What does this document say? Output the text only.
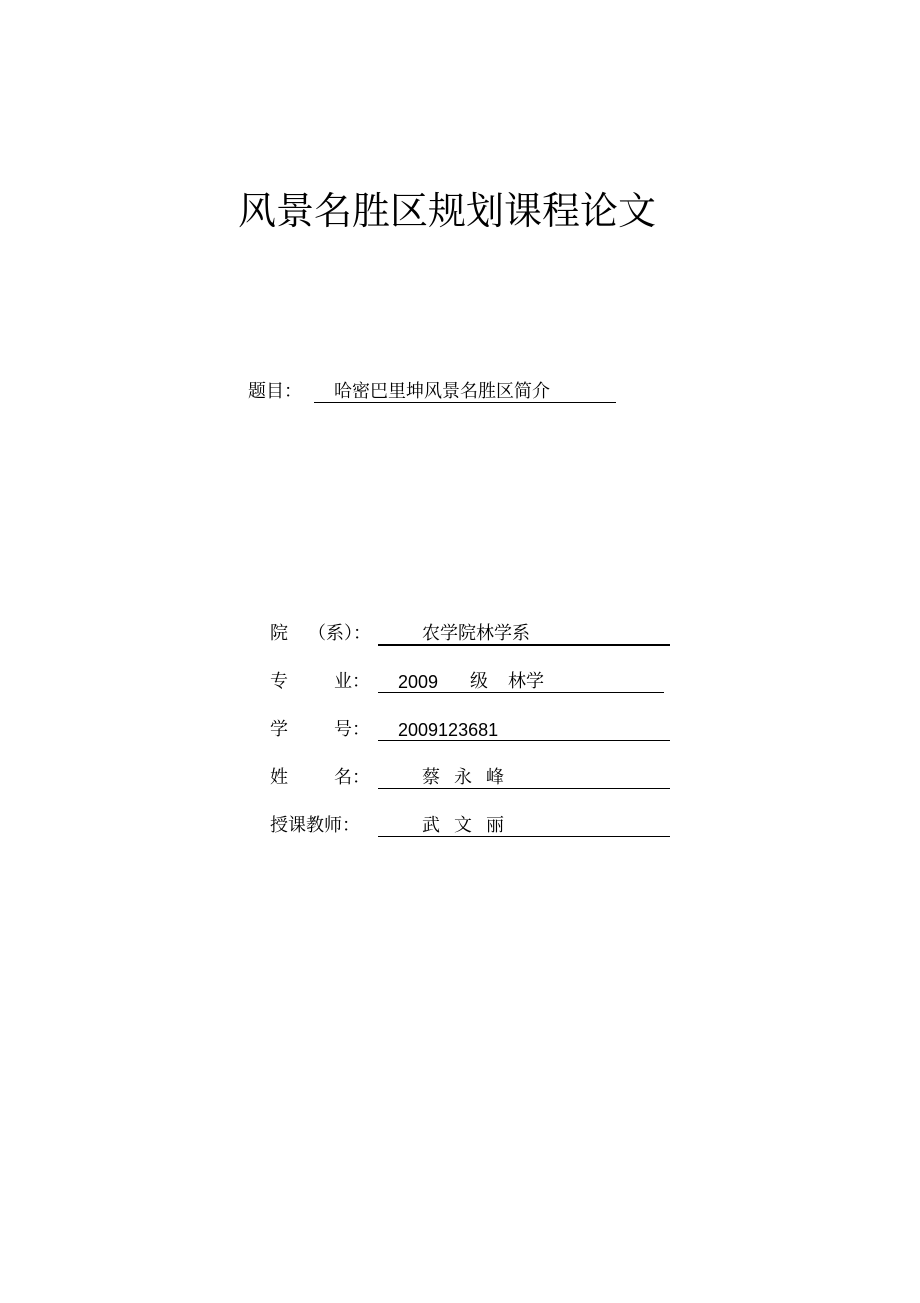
风景名胜区规划课程论文
题目： 哈密巴里坤风景名胜区简介
院 （系）：	农学院林学系
专	业： 2009 级 林学
学	号： 2009123681
姓	名：	蔡 永 峰
授课教师：	武 文 丽
